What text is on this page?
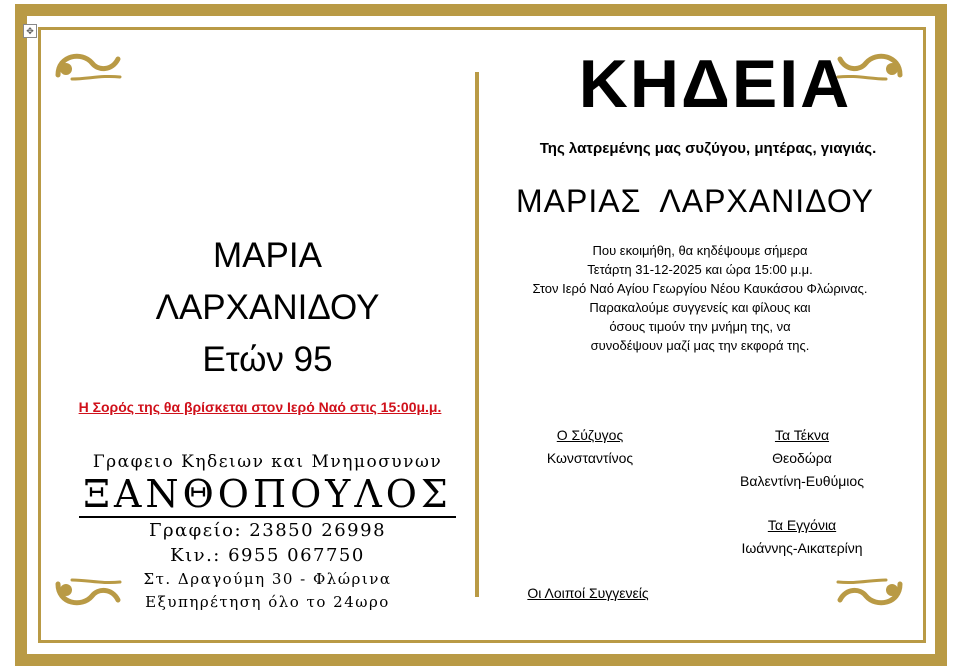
✥
ΜΑΡΙΑ
ΛΑΡΧΑΝΙΔΟΥ
Ετών 95
Η Σορός της θα βρίσκεται στον Ιερό Ναό στις 15:00μ.μ.
Γραφειο Κηδειων και Μνημοσυνων
ΞΑΝΘΟΠΟΥΛΟΣ
Γραφείο: 23850 26998
Κιν.: 6955 067750
Στ. Δραγούμη 30 - Φλώρινα
Εξυπηρέτηση όλο το 24ωρο
ΚΗΔΕΙΑ
Της λατρεμένης μας συζύγου, μητέρας, γιαγιάς.
ΜΑΡΙΑΣ  ΛΑΡΧΑΝΙΔΟΥ
Που εκοιμήθη, θα κηδέψουμε σήμερα
Τετάρτη 31-12-2025 και ώρα 15:00 μ.μ.
Στον Ιερό Ναό Αγίου Γεωργίου Νέου Καυκάσου Φλώρινας.
Παρακαλούμε συγγενείς και φίλους και
όσους τιμούν την μνήμη της, να
συνοδέψουν μαζί μας την εκφορά της.
Ο Σύζυγος
Κωνσταντίνος
Τα Τέκνα
Θεοδώρα
Βαλεντίνη-Ευθύμιος
Τα Εγγόνια
Ιωάννης-Αικατερίνη
Οι Λοιποί Συγγενείς
